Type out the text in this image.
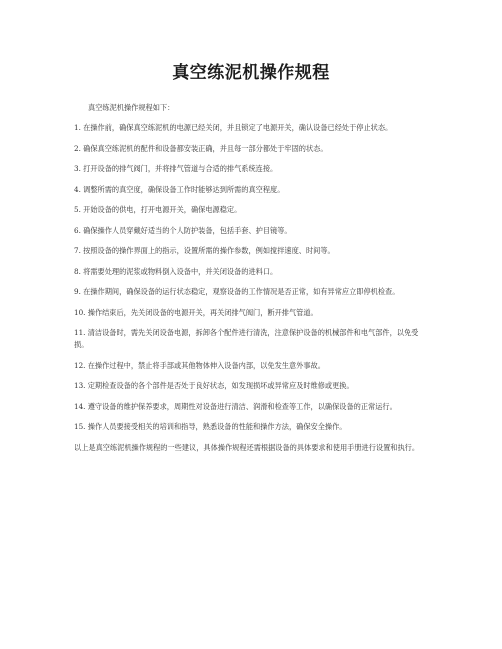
真空练泥机操作规程

真空练泥机操作规程如下：

1. 在操作前，确保真空练泥机的电源已经关闭，并且锁定了电源开关，确认设备已经处于停止状态。

2. 确保真空练泥机的配件和设备都安装正确，并且每一部分都处于牢固的状态。

3. 打开设备的排气阀门，并将排气管道与合适的排气系统连接。

4. 调整所需的真空度，确保设备工作时能够达到所需的真空程度。

5. 开始设备的供电，打开电源开关，确保电源稳定。

6. 确保操作人员穿戴好适当的个人防护装备，包括手套、护目镜等。

7. 按照设备的操作界面上的指示，设置所需的操作参数，例如搅拌速度、时间等。

8. 将需要处理的泥浆或物料倒入设备中，并关闭设备的进料口。

9. 在操作期间，确保设备的运行状态稳定，观察设备的工作情况是否正常，如有异常应立即停机检查。

10. 操作结束后，先关闭设备的电源开关，再关闭排气阀门，断开排气管道。

11. 清洁设备时，需先关闭设备电源，拆卸各个配件进行清洗，注意保护设备的机械部件和电气部件，以免受损。

12. 在操作过程中，禁止将手部或其他物体伸入设备内部，以免发生意外事故。

13. 定期检查设备的各个部件是否处于良好状态，如发现损坏或异常应及时维修或更换。

14. 遵守设备的维护保养要求，周期性对设备进行清洁、润滑和检查等工作，以确保设备的正常运行。

15. 操作人员要接受相关的培训和指导，熟悉设备的性能和操作方法，确保安全操作。

以上是真空练泥机操作规程的一些建议，具体操作规程还需根据设备的具体要求和使用手册进行设置和执行。
